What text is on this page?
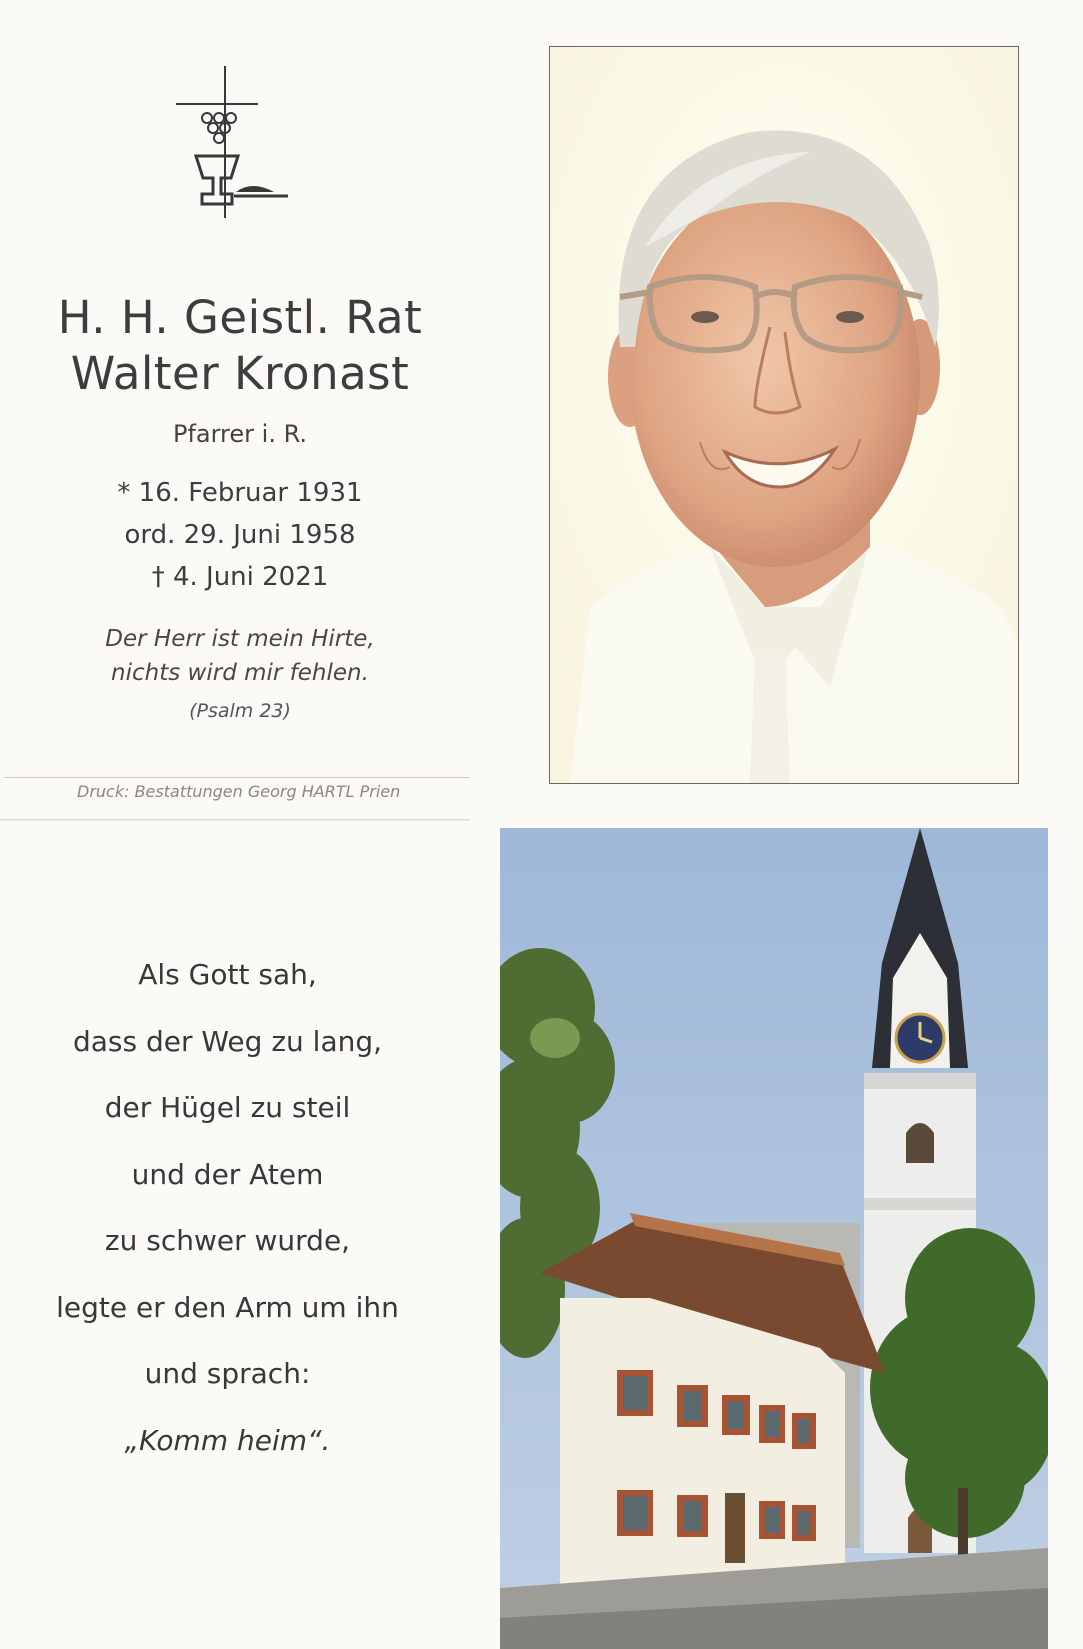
H. H. Geistl. Rat
Walter Kronast
Pfarrer i. R.
* 16. Februar 1931
ord. 29. Juni 1958
† 4. Juni 2021
Der Herr ist mein Hirte,
nichts wird mir fehlen.
(Psalm 23)
Druck: Bestattungen Georg HARTL Prien
Als Gott sah,
dass der Weg zu lang,
der Hügel zu steil
und der Atem
zu schwer wurde,
legte er den Arm um ihn
und sprach:
„Komm heim“.
